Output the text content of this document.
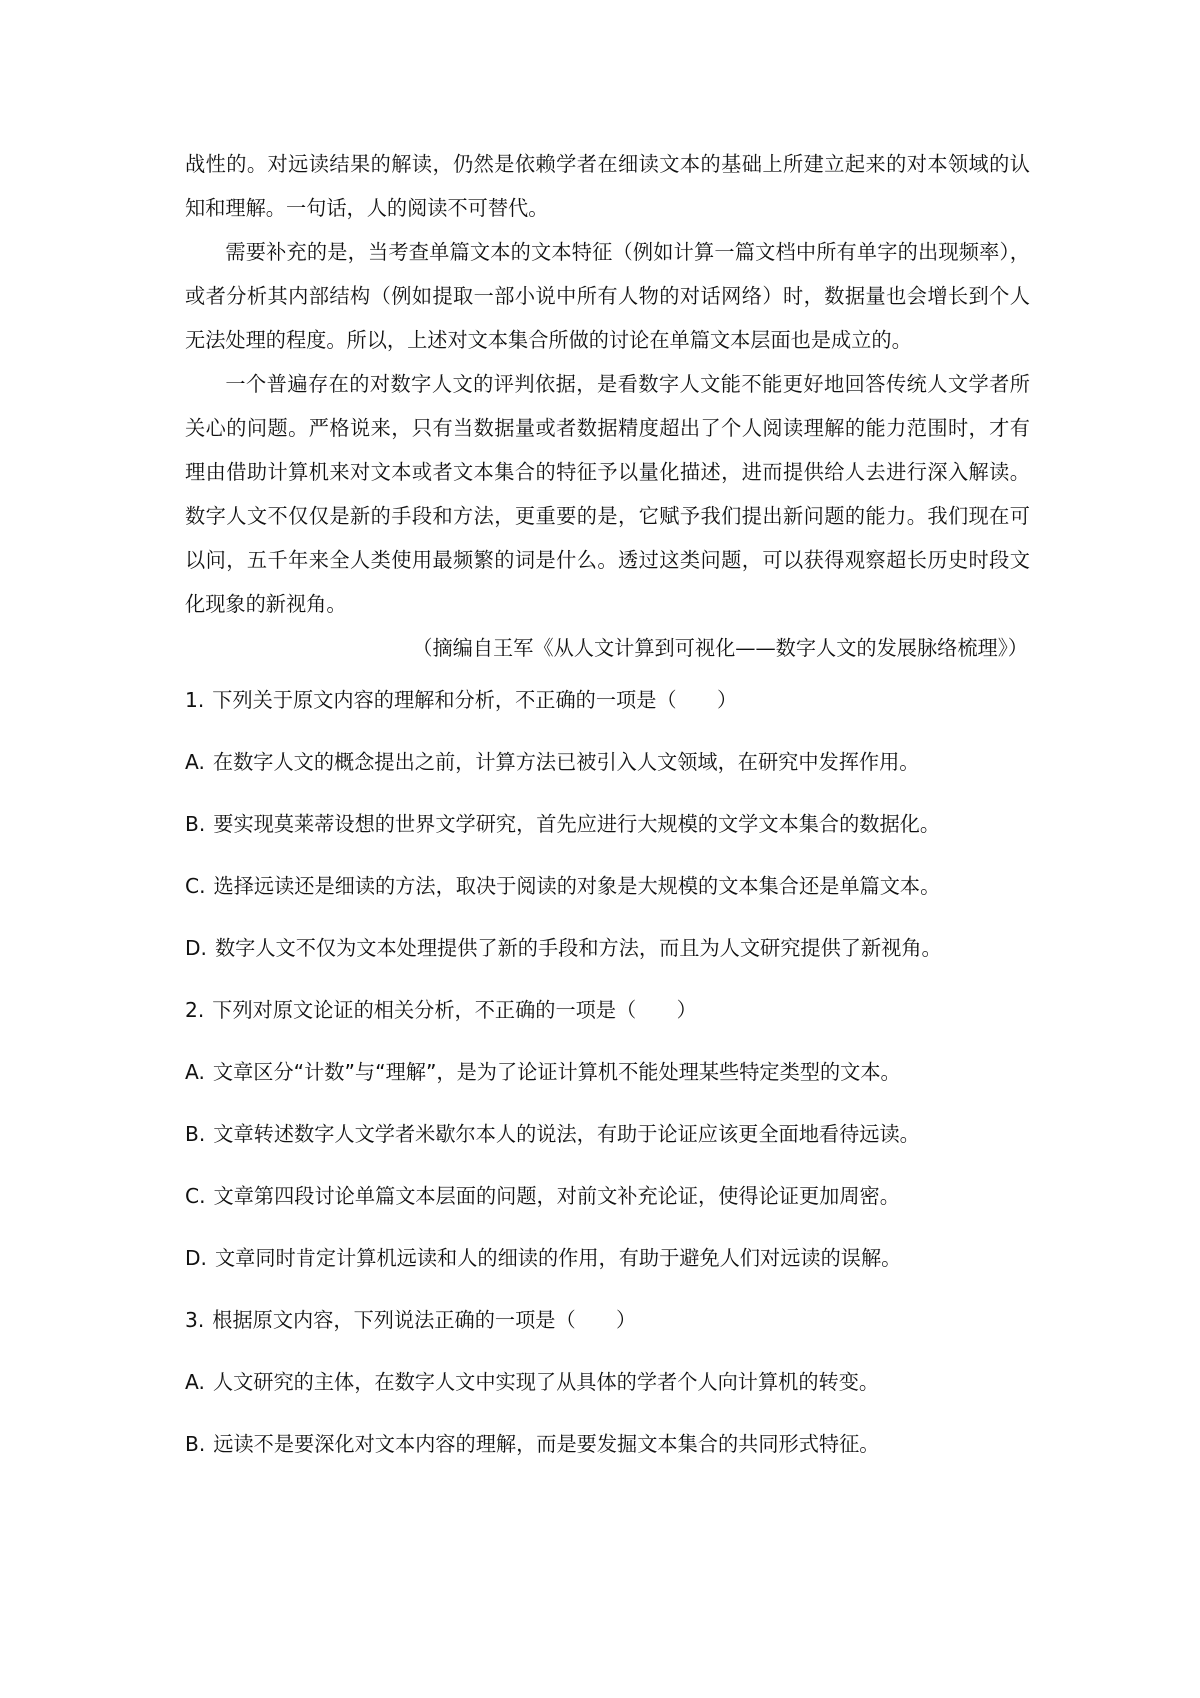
战性的。对远读结果的解读，仍然是依赖学者在细读文本的基础上所建立起来的对本领域的认知和理解。一句话，人的阅读不可替代。

需要补充的是，当考查单篇文本的文本特征（例如计算一篇文档中所有单字的出现频率），或者分析其内部结构（例如提取一部小说中所有人物的对话网络）时，数据量也会增长到个人无法处理的程度。所以，上述对文本集合所做的讨论在单篇文本层面也是成立的。

一个普遍存在的对数字人文的评判依据，是看数字人文能不能更好地回答传统人文学者所关心的问题。严格说来，只有当数据量或者数据精度超出了个人阅读理解的能力范围时，才有理由借助计算机来对文本或者文本集合的特征予以量化描述，进而提供给人去进行深入解读。数字人文不仅仅是新的手段和方法，更重要的是，它赋予我们提出新问题的能力。我们现在可以问，五千年来全人类使用最频繁的词是什么。透过这类问题，可以获得观察超长历史时段文化现象的新视角。

（摘编自王军《从人文计算到可视化——数字人文的发展脉络梳理》）

1. 下列关于原文内容的理解和分析，不正确的一项是（　　）

A. 在数字人文的概念提出之前，计算方法已被引入人文领域，在研究中发挥作用。

B. 要实现莫莱蒂设想的世界文学研究，首先应进行大规模的文学文本集合的数据化。

C. 选择远读还是细读的方法，取决于阅读的对象是大规模的文本集合还是单篇文本。

D. 数字人文不仅为文本处理提供了新的手段和方法，而且为人文研究提供了新视角。

2. 下列对原文论证的相关分析，不正确的一项是（　　）

A. 文章区分“计数”与“理解”，是为了论证计算机不能处理某些特定类型的文本。

B. 文章转述数字人文学者米歇尔本人的说法，有助于论证应该更全面地看待远读。

C. 文章第四段讨论单篇文本层面的问题，对前文补充论证，使得论证更加周密。

D. 文章同时肯定计算机远读和人的细读的作用，有助于避免人们对远读的误解。

3. 根据原文内容，下列说法正确的一项是（　　）

A. 人文研究的主体，在数字人文中实现了从具体的学者个人向计算机的转变。

B. 远读不是要深化对文本内容的理解，而是要发掘文本集合的共同形式特征。
